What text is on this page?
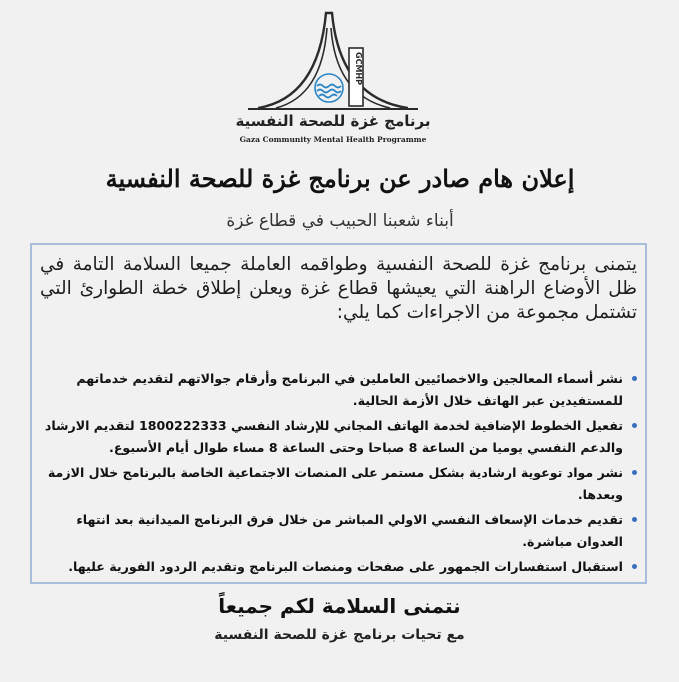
GCMHP
برنامج غزة للصحة النفسية
Gaza Community Mental Health Programme
إعلان هام صادر عن برنامج غزة للصحة النفسية
أبناء شعبنا الحبيب في قطاع غزة
يتمنى برنامج غزة للصحة النفسية وطواقمه العاملة جميعا السلامة التامة في ظل الأوضاع الراهنة التي يعيشها قطاع غزة ويعلن إطلاق خطة الطوارئ التي تشتمل مجموعة من الاجراءات كما يلي:
نشر أسماء المعالجين والاخصائيين العاملين في البرنامج وأرقام جوالاتهم لتقديم خدماتهم للمستفيدين عبر الهاتف خلال الأزمة الحالية.
تفعيل الخطوط الإضافية لخدمة الهاتف المجاني للإرشاد النفسي 1800222333 لتقديم الارشاد والدعم النفسي يوميا من الساعة 8 صباحا وحتى الساعة 8 مساء طوال أيام الأسبوع.
نشر مواد توعوية ارشادية بشكل مستمر على المنصات الاجتماعية الخاصة بالبرنامج خلال الازمة وبعدها.
تقديم خدمات الإسعاف النفسي الاولي المباشر من خلال فرق البرنامج الميدانية بعد انتهاء العدوان مباشرة.
استقبال استفسارات الجمهور على صفحات ومنصات البرنامج وتقديم الردود الفورية عليها.
نتمنى السلامة لكم جميعاً
مع تحيات برنامج غزة للصحة النفسية
